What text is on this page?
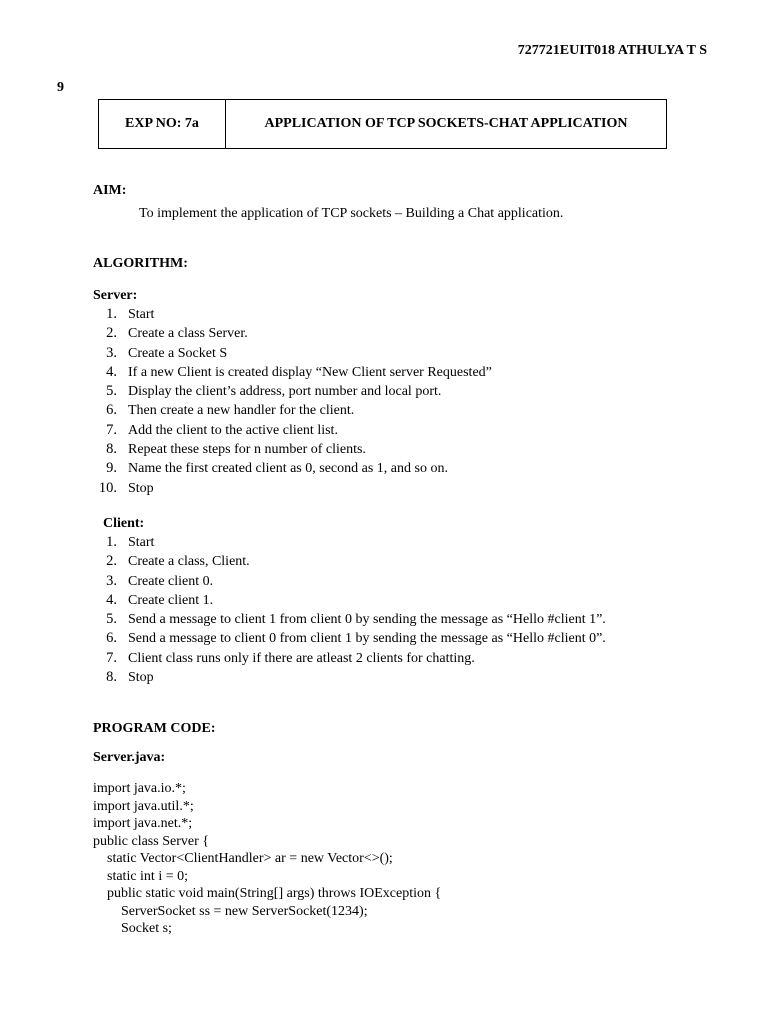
727721EUIT018 ATHULYA T S
9
EXP NO: 7a	APPLICATION OF TCP SOCKETS-CHAT APPLICATION
AIM:
To implement the application of TCP sockets – Building a Chat application.
ALGORITHM:
Server:
1. Start
2. Create a class Server.
3. Create a Socket S
4. If a new Client is created display “New Client server Requested”
5. Display the client’s address, port number and local port.
6. Then create a new handler for the client.
7. Add the client to the active client list.
8. Repeat these steps for n number of clients.
9. Name the first created client as 0, second as 1, and so on.
10. Stop
Client:
1. Start
2. Create a class, Client.
3. Create client 0.
4. Create client 1.
5. Send a message to client 1 from client 0 by sending the message as “Hello #client 1”.
6. Send a message to client 0 from client 1 by sending the message as “Hello #client 0”.
7. Client class runs only if there are atleast 2 clients for chatting.
8. Stop
PROGRAM CODE:
Server.java:
import java.io.*;
import java.util.*;
import java.net.*;
public class Server {
static Vector<ClientHandler> ar = new Vector<>();
static int i = 0;
public static void main(String[] args) throws IOException {
ServerSocket ss = new ServerSocket(1234);
Socket s;
